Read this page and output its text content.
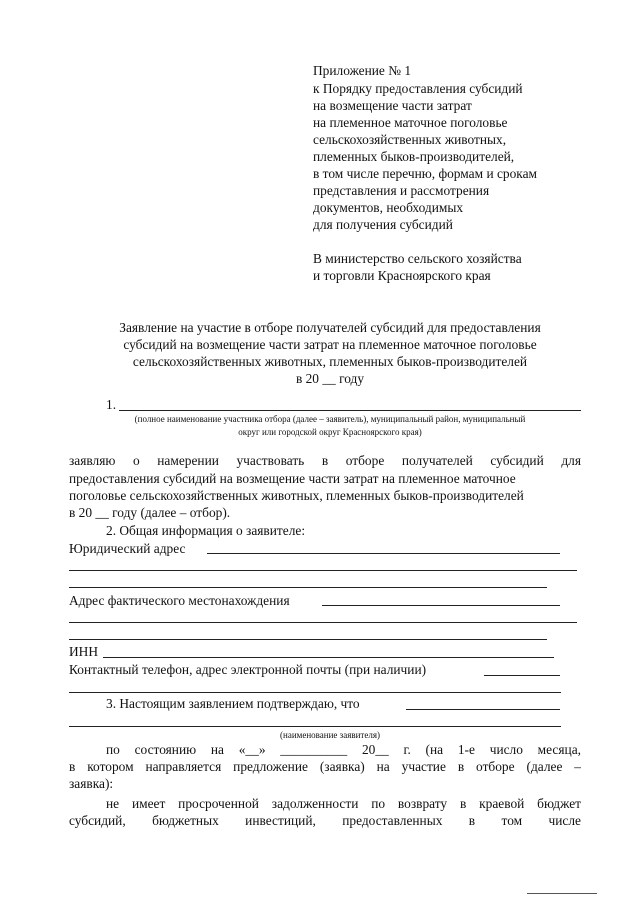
Приложение № 1
к Порядку предоставления субсидий
на возмещение части затрат
на племенное маточное поголовье
сельскохозяйственных животных,
племенных быков-производителей,
в том числе перечню, формам и срокам
представления и рассмотрения
документов, необходимых
для получения субсидий
В министерство сельского хозяйства
и торговли Красноярского края
Заявление на участие в отборе получателей субсидий для предоставления
субсидий на возмещение части затрат на племенное маточное поголовье
сельскохозяйственных животных, племенных быков-производителей
в 20 __ году
1.
(полное наименование участника отбора (далее – заявитель), муниципальный район, муниципальный
округ или городской округ Красноярского края)
заявляю о намерении участвовать в отборе получателей субсидий для
предоставления субсидий на возмещение части затрат на племенное маточное
поголовье сельскохозяйственных животных, племенных быков-производителей
в 20 __ году (далее – отбор).
2. Общая информация о заявителе:
Юридический адрес
Адрес фактического местонахождения
ИНН
Контактный телефон, адрес электронной почты (при наличии)
3. Настоящим заявлением подтверждаю, что
(наименование заявителя)
по состоянию на «__» __________ 20__ г. (на 1-е число месяца,
в котором направляется предложение (заявка) на участие в отборе (далее –
заявка):
не имеет просроченной задолженности по возврату в краевой бюджет
субсидий, бюджетных инвестиций, предоставленных в том числе
